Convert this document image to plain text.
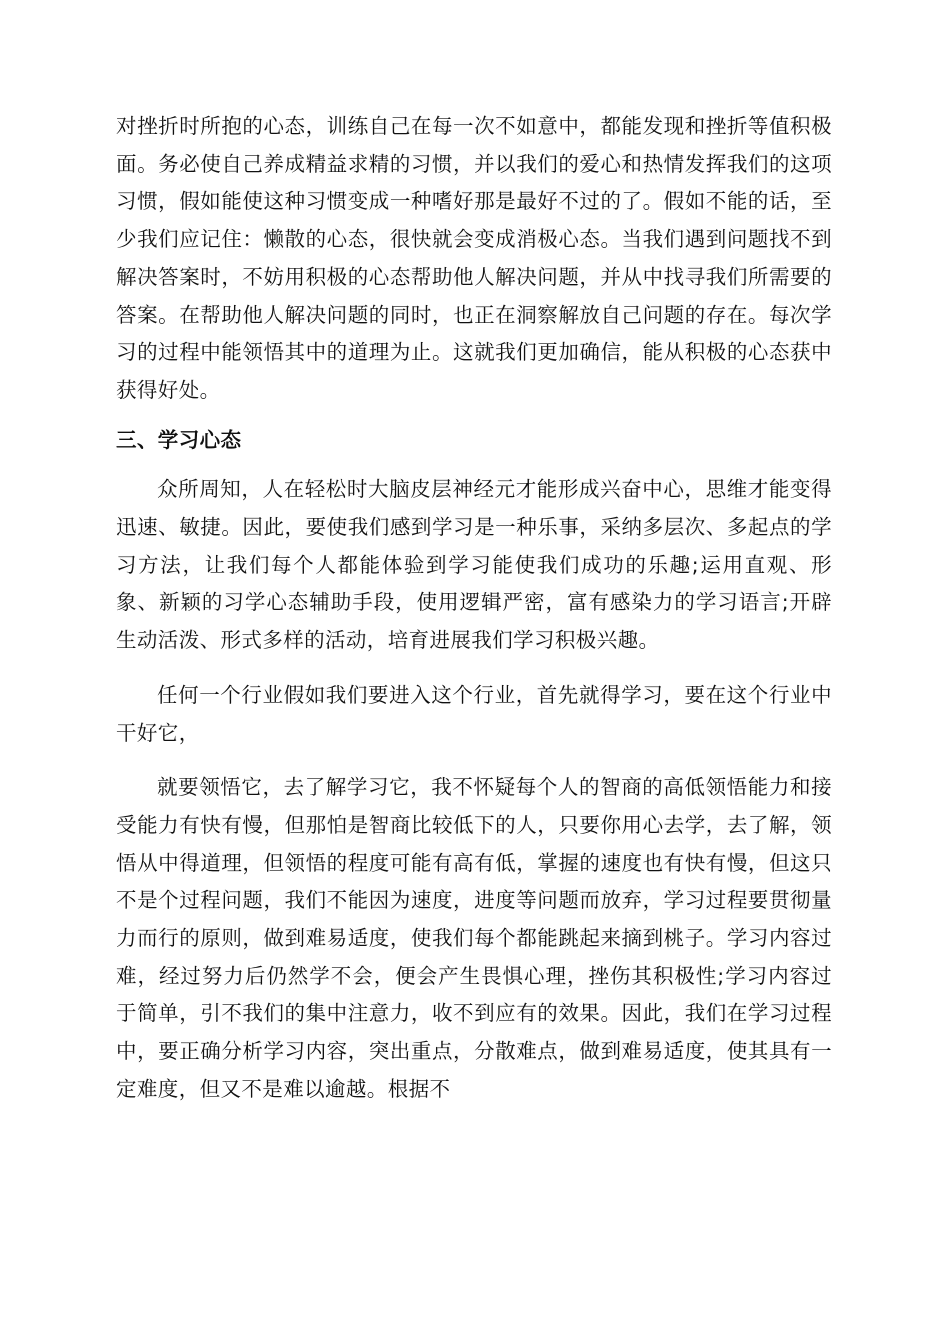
对挫折时所抱的心态，训练自己在每一次不如意中，都能发现和挫折等值积极面。务必使自己养成精益求精的习惯，并以我们的爱心和热情发挥我们的这项习惯，假如能使这种习惯变成一种嗜好那是最好不过的了。假如不能的话，至少我们应记住：懒散的心态，很快就会变成消极心态。当我们遇到问题找不到解决答案时，不妨用积极的心态帮助他人解决问题，并从中找寻我们所需要的答案。在帮助他人解决问题的同时，也正在洞察解放自己问题的存在。每次学习的过程中能领悟其中的道理为止。这就我们更加确信，能从积极的心态获中获得好处。

三、学习心态

众所周知，人在轻松时大脑皮层神经元才能形成兴奋中心，思维才能变得迅速、敏捷。因此，要使我们感到学习是一种乐事，采纳多层次、多起点的学习方法，让我们每个人都能体验到学习能使我们成功的乐趣;运用直观、形象、新颖的习学心态辅助手段，使用逻辑严密，富有感染力的学习语言;开辟生动活泼、形式多样的活动，培育进展我们学习积极兴趣。

任何一个行业假如我们要进入这个行业，首先就得学习，要在这个行业中干好它，

就要领悟它，去了解学习它，我不怀疑每个人的智商的高低领悟能力和接受能力有快有慢，但那怕是智商比较低下的人，只要你用心去学，去了解，领悟从中得道理，但领悟的程度可能有高有低，掌握的速度也有快有慢，但这只不是个过程问题，我们不能因为速度，进度等问题而放弃，学习过程要贯彻量力而行的原则，做到难易适度，使我们每个都能跳起来摘到桃子。学习内容过难，经过努力后仍然学不会，便会产生畏惧心理，挫伤其积极性;学习内容过于简单，引不我们的集中注意力，收不到应有的效果。因此，我们在学习过程中，要正确分析学习内容，突出重点，分散难点，做到难易适度，使其具有一定难度，但又不是难以逾越。根据不
